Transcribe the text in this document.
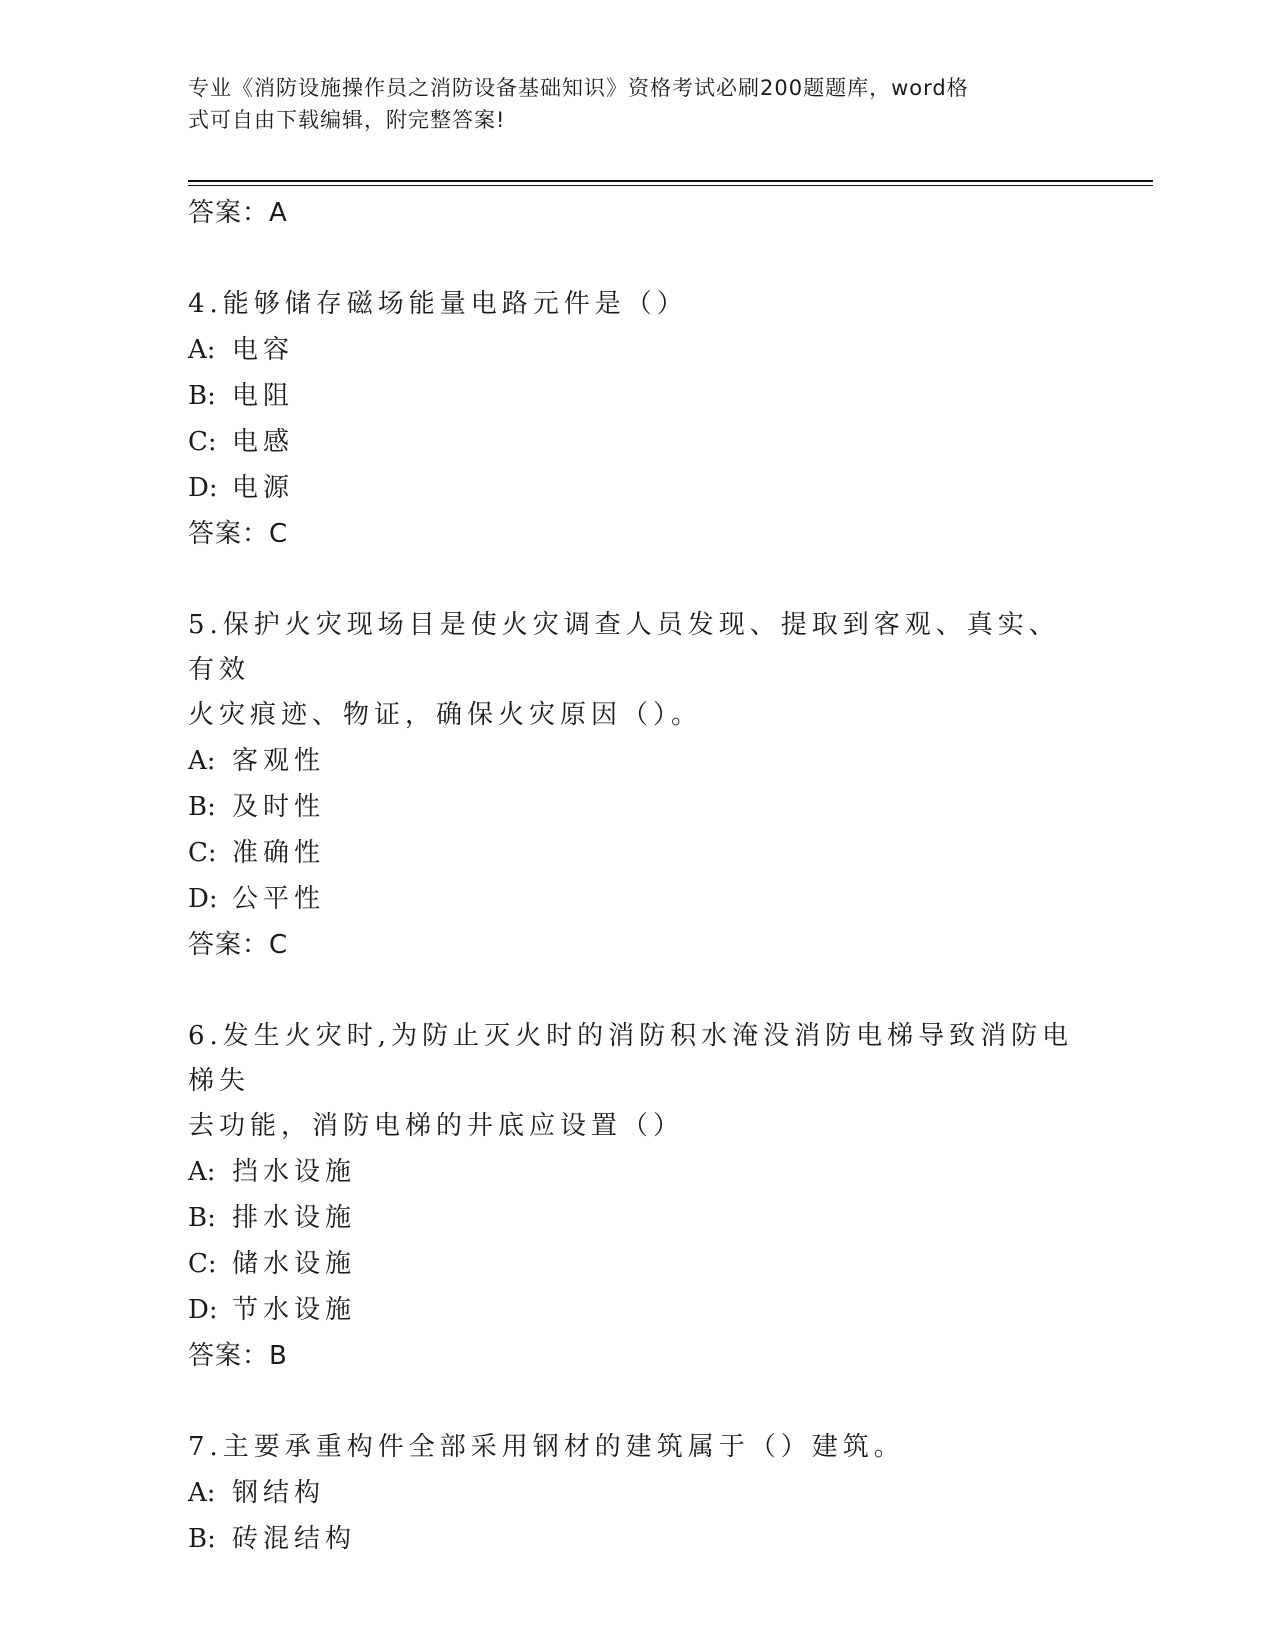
专业《消防设施操作员之消防设备基础知识》资格考试必刷200题题库，word格
式可自由下载编辑，附完整答案!
答案：A
4.能够储存磁场能量电路元件是（）
A: 电容
B: 电阻
C: 电感
D: 电源
答案：C
5.保护火灾现场目是使火灾调查人员发现、提取到客观、真实、有效
火灾痕迹、物证，确保火灾原因（）。
A: 客观性
B: 及时性
C: 准确性
D: 公平性
答案：C
6.发生火灾时,为防止灭火时的消防积水淹没消防电梯导致消防电梯失
去功能，消防电梯的井底应设置（）
A: 挡水设施
B: 排水设施
C: 储水设施
D: 节水设施
答案：B
7.主要承重构件全部采用钢材的建筑属于（）建筑。
A: 钢结构
B: 砖混结构
